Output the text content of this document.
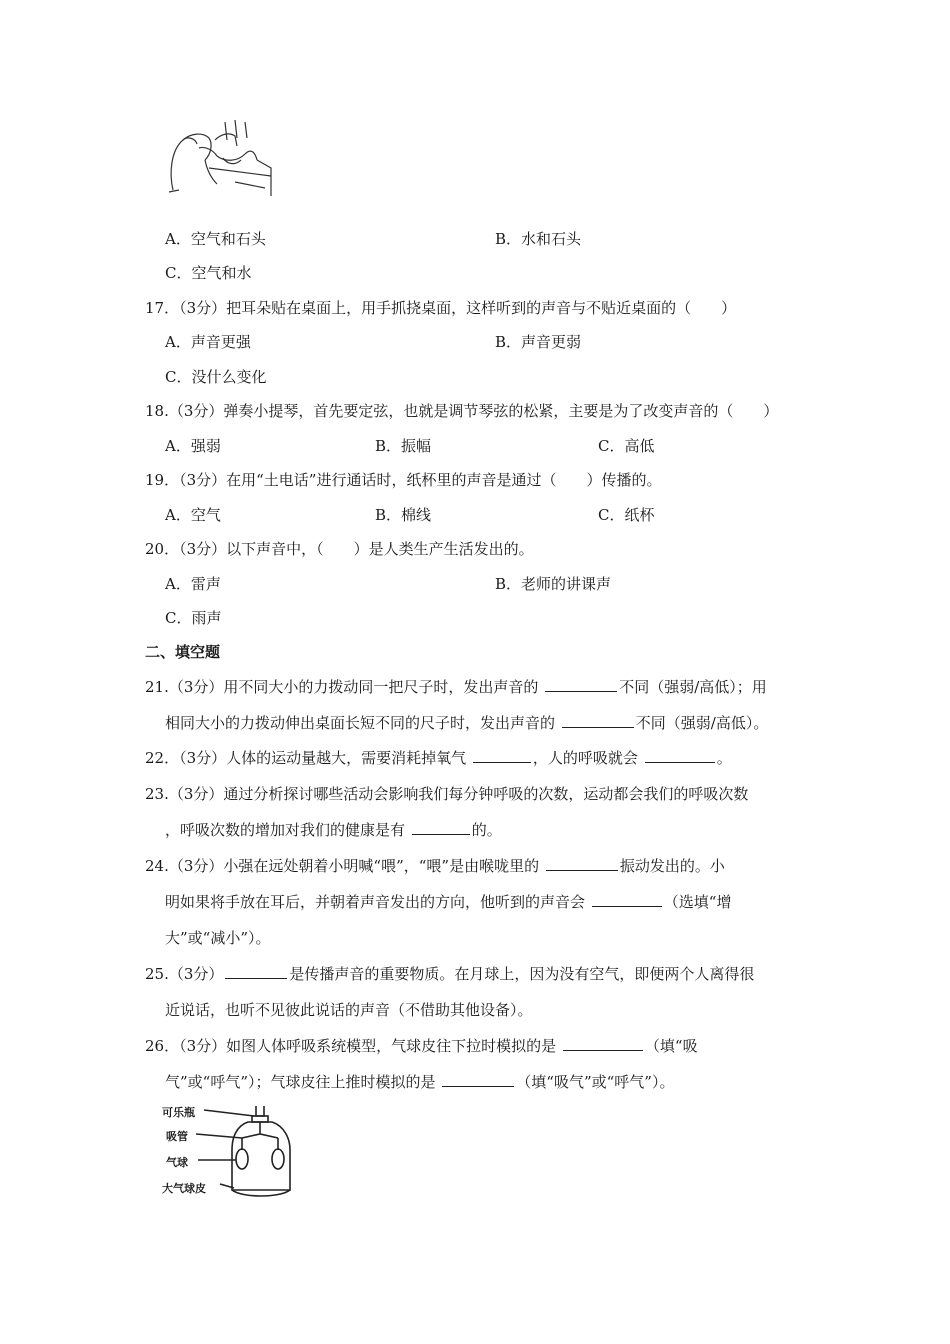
A．空气和石头	B．水和石头
C．空气和水
17．（3分）把耳朵贴在桌面上，用手抓挠桌面，这样听到的声音与不贴近桌面的（　　）
A．声音更强	B．声音更弱
C．没什么变化
18.（3分）弹奏小提琴，首先要定弦，也就是调节琴弦的松紧，主要是为了改变声音的（　　）
A．强弱	B．振幅	C．高低
19．（3分）在用“土电话”进行通话时，纸杯里的声音是通过（　　）传播的。
A．空气	B．棉线	C．纸杯
20．（3分）以下声音中，（　　）是人类生产生活发出的。
A．雷声	B．老师的讲课声
C．雨声
二、填空题
21.（3分）用不同大小的力拨动同一把尺子时，发出声音的	不同（强弱/高低）；用
相同大小的力拨动伸出桌面长短不同的尺子时，发出声音的	不同（强弱/高低）。
22．（3分）人体的运动量越大，需要消耗掉氧气	，人的呼吸就会	。
23.（3分）通过分析探讨哪些活动会影响我们每分钟呼吸的次数，运动都会我们的呼吸次数
，呼吸次数的增加对我们的健康是有	的。
24.（3分）小强在远处朝着小明喊“喂”，“喂”是由喉咙里的	振动发出的。小
明如果将手放在耳后，并朝着声音发出的方向，他听到的声音会	（选填“增
大”或“减小”）。
25.（3分）	是传播声音的重要物质。在月球上，因为没有空气，即便两个人离得很
近说话，也听不见彼此说话的声音（不借助其他设备）。
26．（3分）如图人体呼吸系统模型，气球皮往下拉时模拟的是	（填“吸
气”或“呼气”）；气球皮往上推时模拟的是	（填“吸气”或“呼气”）。
可乐瓶
吸管
气球
大气球皮
